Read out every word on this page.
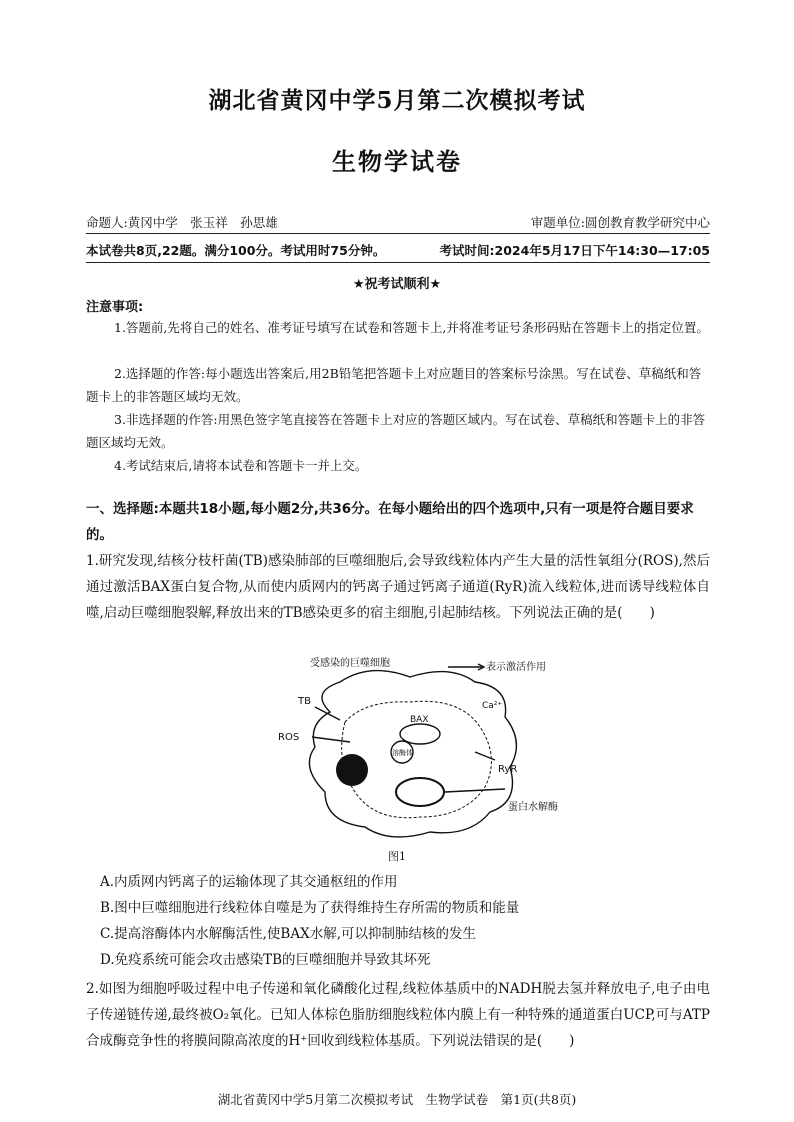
湖北省黄冈中学5月第二次模拟考试
生物学试卷
命题人:黄冈中学　张玉祥　孙思雄	审题单位:圆创教育教学研究中心
本试卷共8页,22题。满分100分。考试用时75分钟。	考试时间:2024年5月17日下午14:30—17:05
★祝考试顺利★
注意事项:
1.答题前,先将自己的姓名、准考证号填写在试卷和答题卡上,并将准考证号条形码贴在答题卡上的指定位置。
2.选择题的作答:每小题选出答案后,用2B铅笔把答题卡上对应题目的答案标号涂黑。写在试卷、草稿纸和答题卡上的非答题区域均无效。
3.非选择题的作答:用黑色签字笔直接答在答题卡上对应的答题区域内。写在试卷、草稿纸和答题卡上的非答题区域均无效。
4.考试结束后,请将本试卷和答题卡一并上交。
一、选择题:本题共18小题,每小题2分,共36分。在每小题给出的四个选项中,只有一项是符合题目要求的。
1.研究发现,结核分枝杆菌(TB)感染肺部的巨噬细胞后,会导致线粒体内产生大量的活性氧组分(ROS),然后通过激活BAX蛋白复合物,从而使内质网内的钙离子通过钙离子通道(RyR)流入线粒体,进而诱导线粒体自噬,启动巨噬细胞裂解,释放出来的TB感染更多的宿主细胞,引起肺结核。下列说法正确的是(　　)
受感染的巨噬细胞	表示激活作用
TB
ROS
BAX
Ca²⁺
溶酶体
RyR
蛋白水解酶
图1
A.内质网内钙离子的运输体现了其交通枢纽的作用
B.图中巨噬细胞进行线粒体自噬是为了获得维持生存所需的物质和能量
C.提高溶酶体内水解酶活性,使BAX水解,可以抑制肺结核的发生
D.免疫系统可能会攻击感染TB的巨噬细胞并导致其坏死
2.如图为细胞呼吸过程中电子传递和氧化磷酸化过程,线粒体基质中的NADH脱去氢并释放电子,电子由电子传递链传递,最终被O₂氧化。已知人体棕色脂肪细胞线粒体内膜上有一种特殊的通道蛋白UCP,可与ATP合成酶竞争性的将膜间隙高浓度的H⁺回收到线粒体基质。下列说法错误的是(　　)
湖北省黄冈中学5月第二次模拟考试　生物学试卷　第1页(共8页)
